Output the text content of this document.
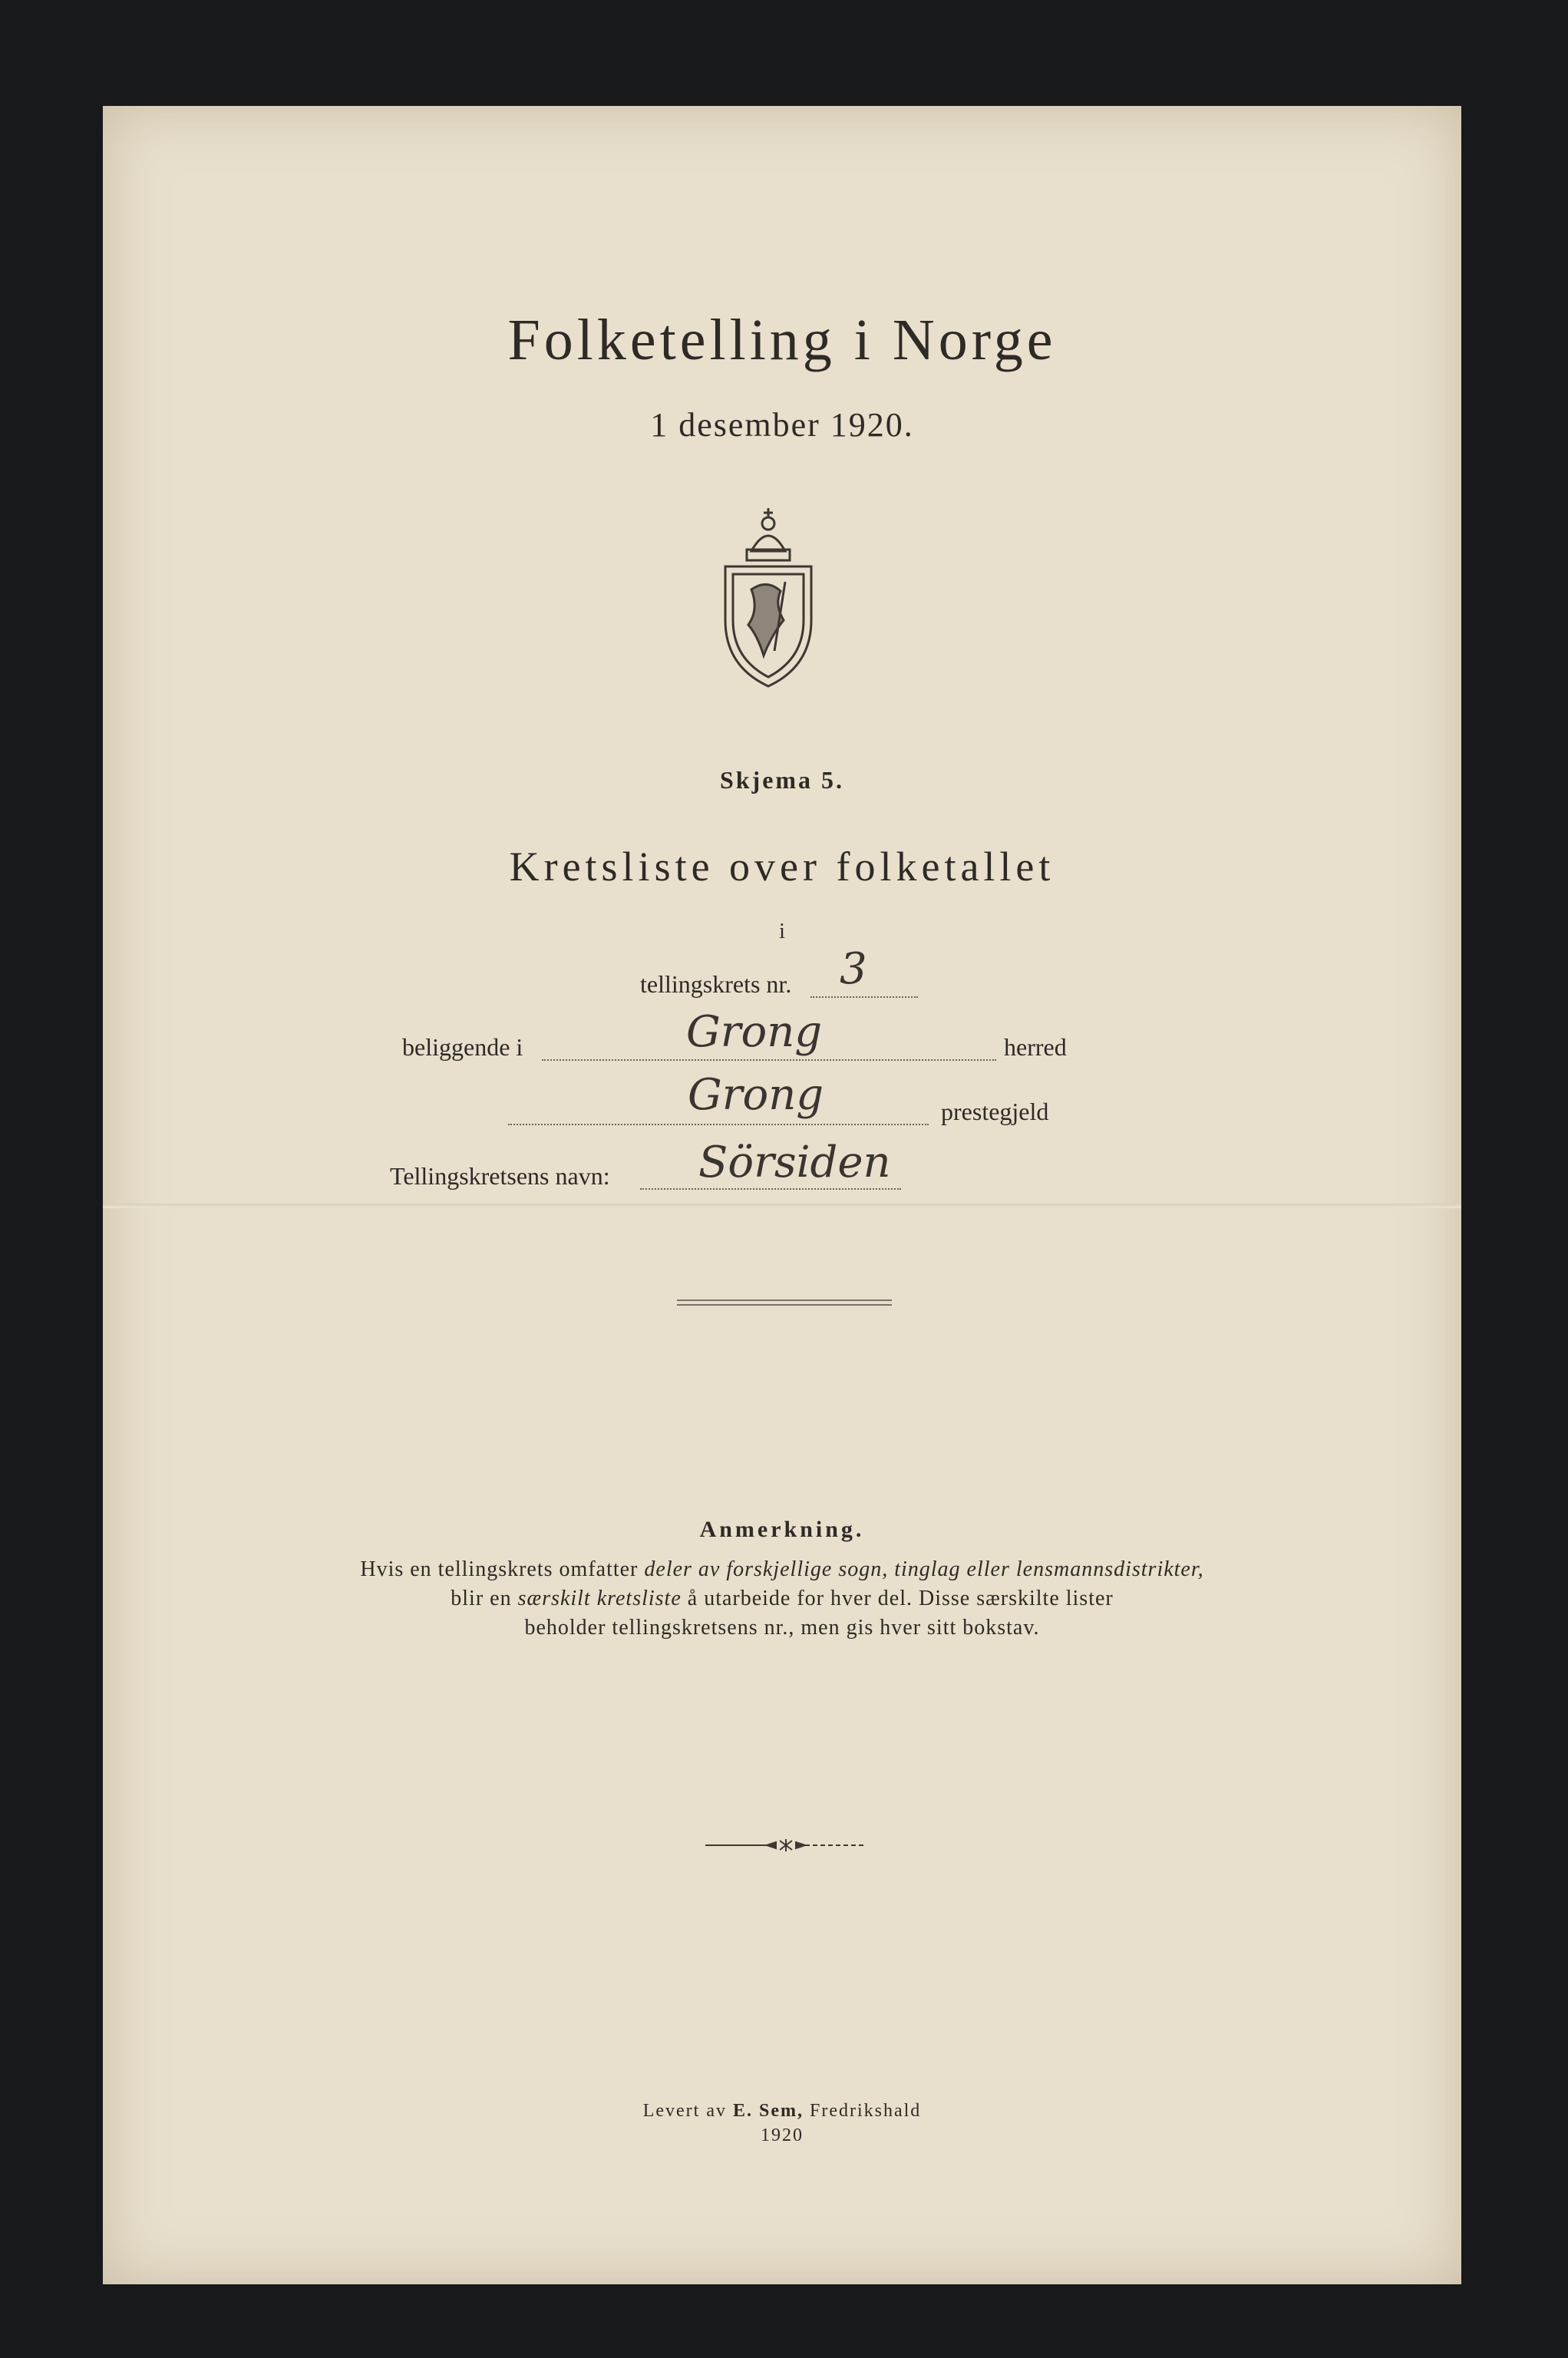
Folketelling i Norge
1 desember 1920.
Skjema 5.
Kretsliste over folketallet
i
tellingskrets nr. 3
beliggende i	Grong	herred
Grong	prestegjeld
Tellingskretsens navn: Sörsiden
Anmerkning.
Hvis en tellingskrets omfatter deler av forskjellige sogn, tinglag eller lensmannsdistrikter,
blir en særskilt kretsliste å utarbeide for hver del. Disse særskilte lister
beholder tellingskretsens nr., men gis hver sitt bokstav.
Levert av E. Sem, Fredrikshald
1920
